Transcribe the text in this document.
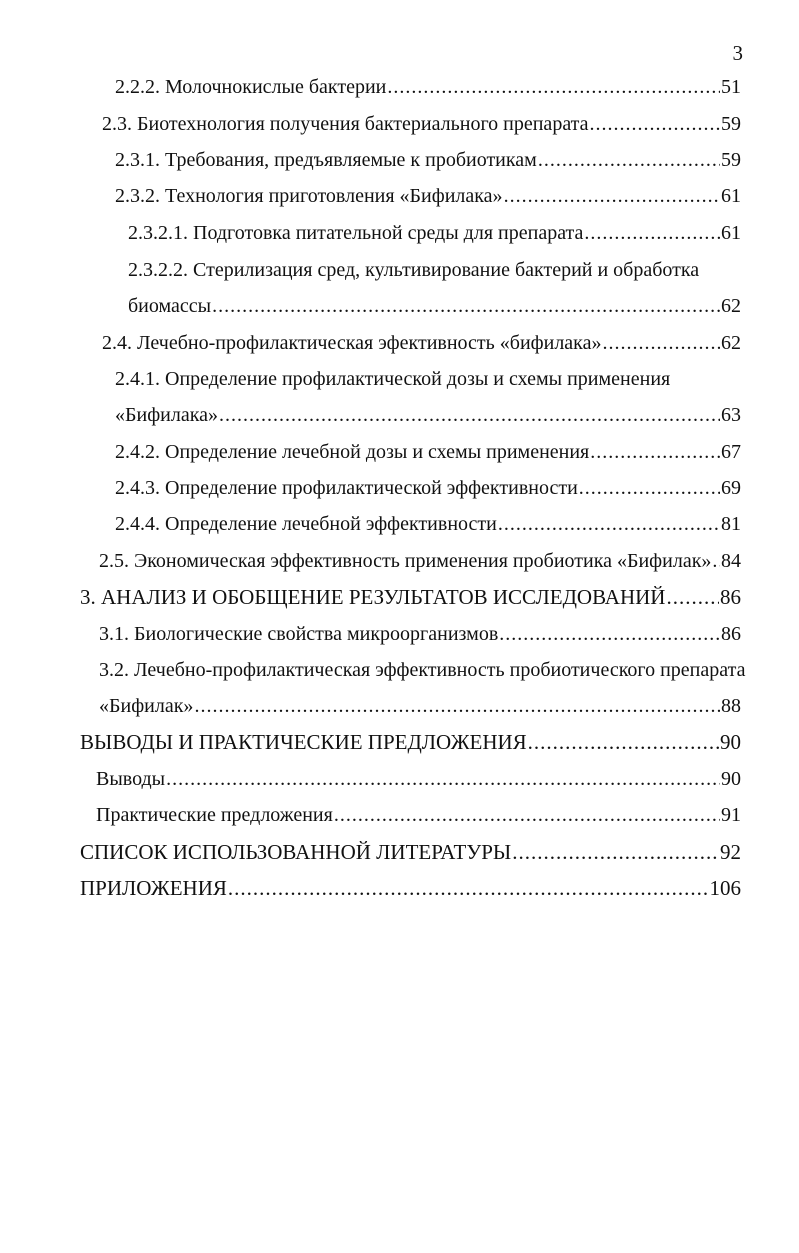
3
2.2.2. Молочнокислые бактерии .....	51
2.3. Биотехнология получения бактериального препарата .....	59
2.3.1. Требования, предъявляемые к пробиотикам .....	59
2.3.2. Технология приготовления «Бифилака» .....	61
2.3.2.1. Подготовка питательной среды для препарата .....	61
2.3.2.2. Стерилизация сред, культивирование бактерий и обработка
биомассы .....	62
2.4. Лечебно-профилактическая эфективность «бифилака» .....	62
2.4.1. Определение профилактической дозы и схемы применения
«Бифилака» .....	63
2.4.2. Определение лечебной дозы и схемы применения .....	67
2.4.3. Определение профилактической эффективности .....	69
2.4.4. Определение лечебной эффективности .....	81
2.5. Экономическая эффективность применения пробиотика «Бифилак» ..... 84
3. АНАЛИЗ И ОБОБЩЕНИЕ РЕЗУЛЬТАТОВ ИССЛЕДОВАНИЙ .....	86
3.1. Биологические свойства микроорганизмов .....	86
3.2. Лечебно-профилактическая эффективность пробиотического препарата
«Бифилак» .....	88
ВЫВОДЫ И ПРАКТИЧЕСКИЕ ПРЕДЛОЖЕНИЯ .....	90
Выводы .....	90
Практические предложения .....	91
СПИСОК ИСПОЛЬЗОВАННОЙ ЛИТЕРАТУРЫ .....	92
ПРИЛОЖЕНИЯ .....	106
